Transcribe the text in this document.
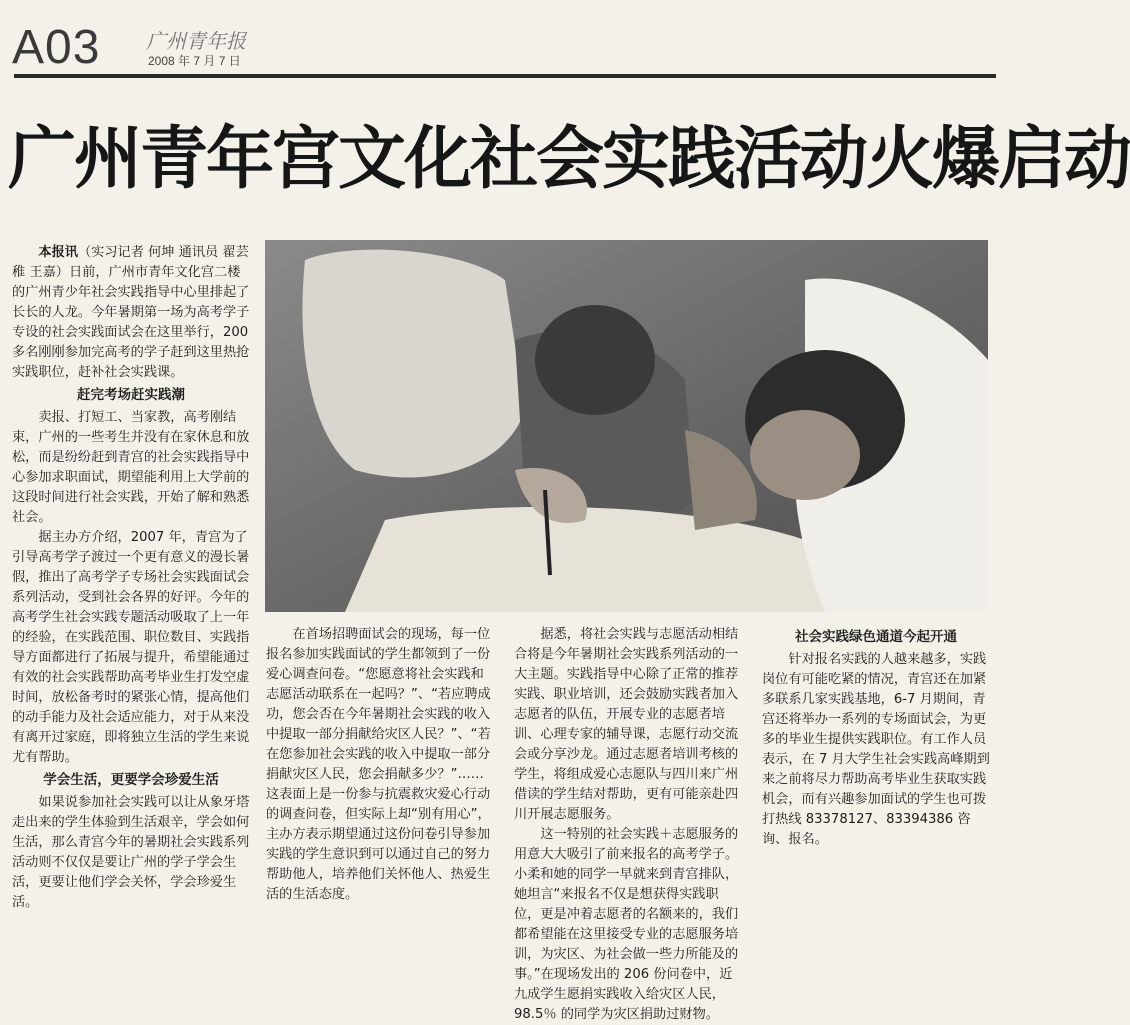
A03 广州青年报
2008 年 7 月 7 日
广州青年宫文化社会实践活动火爆启动

本报讯（实习记者 何坤 通讯员 翟芸稚 王嘉）日前，广州市青年文化宫二楼的广州青少年社会实践指导中心里排起了长长的人龙。今年暑期第一场为高考学子专设的社会实践面试会在这里举行，200 多名刚刚参加完高考的学子赶到这里热抢实践职位，赶补社会实践课。

赶完考场赶实践潮

卖报、打短工、当家教，高考刚结束，广州的一些考生并没有在家休息和放松，而是纷纷赶到青宫的社会实践指导中心参加求职面试，期望能利用上大学前的这段时间进行社会实践，开始了解和熟悉社会。

据主办方介绍，2007 年，青宫为了引导高考学子渡过一个更有意义的漫长暑假，推出了高考学子专场社会实践面试会系列活动，受到社会各界的好评。今年的高考学生社会实践专题活动吸取了上一年的经验，在实践范围、职位数目、实践指导方面都进行了拓展与提升，希望能通过有效的社会实践帮助高考毕业生打发空虚时间，放松备考时的紧张心情，提高他们的动手能力及社会适应能力，对于从来没有离开过家庭，即将独立生活的学生来说尤有帮助。

学会生活，更要学会珍爱生活

如果说参加社会实践可以让从象牙塔走出来的学生体验到生活艰辛，学会如何生活，那么青宫今年的暑期社会实践系列活动则不仅仅是要让广州的学子学会生活，更要让他们学会关怀，学会珍爱生活。

在首场招聘面试会的现场，每一位报名参加实践面试的学生都领到了一份爱心调查问卷。“您愿意将社会实践和志愿活动联系在一起吗？”、“若应聘成功，您会否在今年暑期社会实践的收入中提取一部分捐献给灾区人民？”、“若在您参加社会实践的收入中提取一部分捐献灾区人民，您会捐献多少？”……这表面上是一份参与抗震救灾爱心行动的调查问卷，但实际上却“别有用心”，主办方表示期望通过这份问卷引导参加实践的学生意识到可以通过自己的努力帮助他人，培养他们关怀他人、热爱生活的生活态度。

据悉，将社会实践与志愿活动相结合将是今年暑期社会实践系列活动的一大主题。实践指导中心除了正常的推荐实践、职业培训，还会鼓励实践者加入志愿者的队伍，开展专业的志愿者培训、心理专家的辅导课，志愿行动交流会或分享沙龙。通过志愿者培训考核的学生，将组成爱心志愿队与四川来广州借读的学生结对帮助，更有可能亲赴四川开展志愿服务。

这一特别的社会实践＋志愿服务的用意大大吸引了前来报名的高考学子。小柔和她的同学一早就来到青宫排队，她坦言“来报名不仅是想获得实践职位，更是冲着志愿者的名额来的，我们都希望能在这里接受专业的志愿服务培训，为灾区、为社会做一些力所能及的事。”在现场发出的 206 份问卷中，近九成学生愿捐实践收入给灾区人民，98.5％ 的同学为灾区捐助过财物。

社会实践绿色通道今起开通

针对报名实践的人越来越多，实践岗位有可能吃紧的情况，青宫还在加紧多联系几家实践基地，6-7 月期间，青宫还将举办一系列的专场面试会，为更多的毕业生提供实践职位。有工作人员表示，在 7 月大学生社会实践高峰期到来之前将尽力帮助高考毕业生获取实践机会，而有兴趣参加面试的学生也可拨打热线 83378127、83394386 咨询、报名。
